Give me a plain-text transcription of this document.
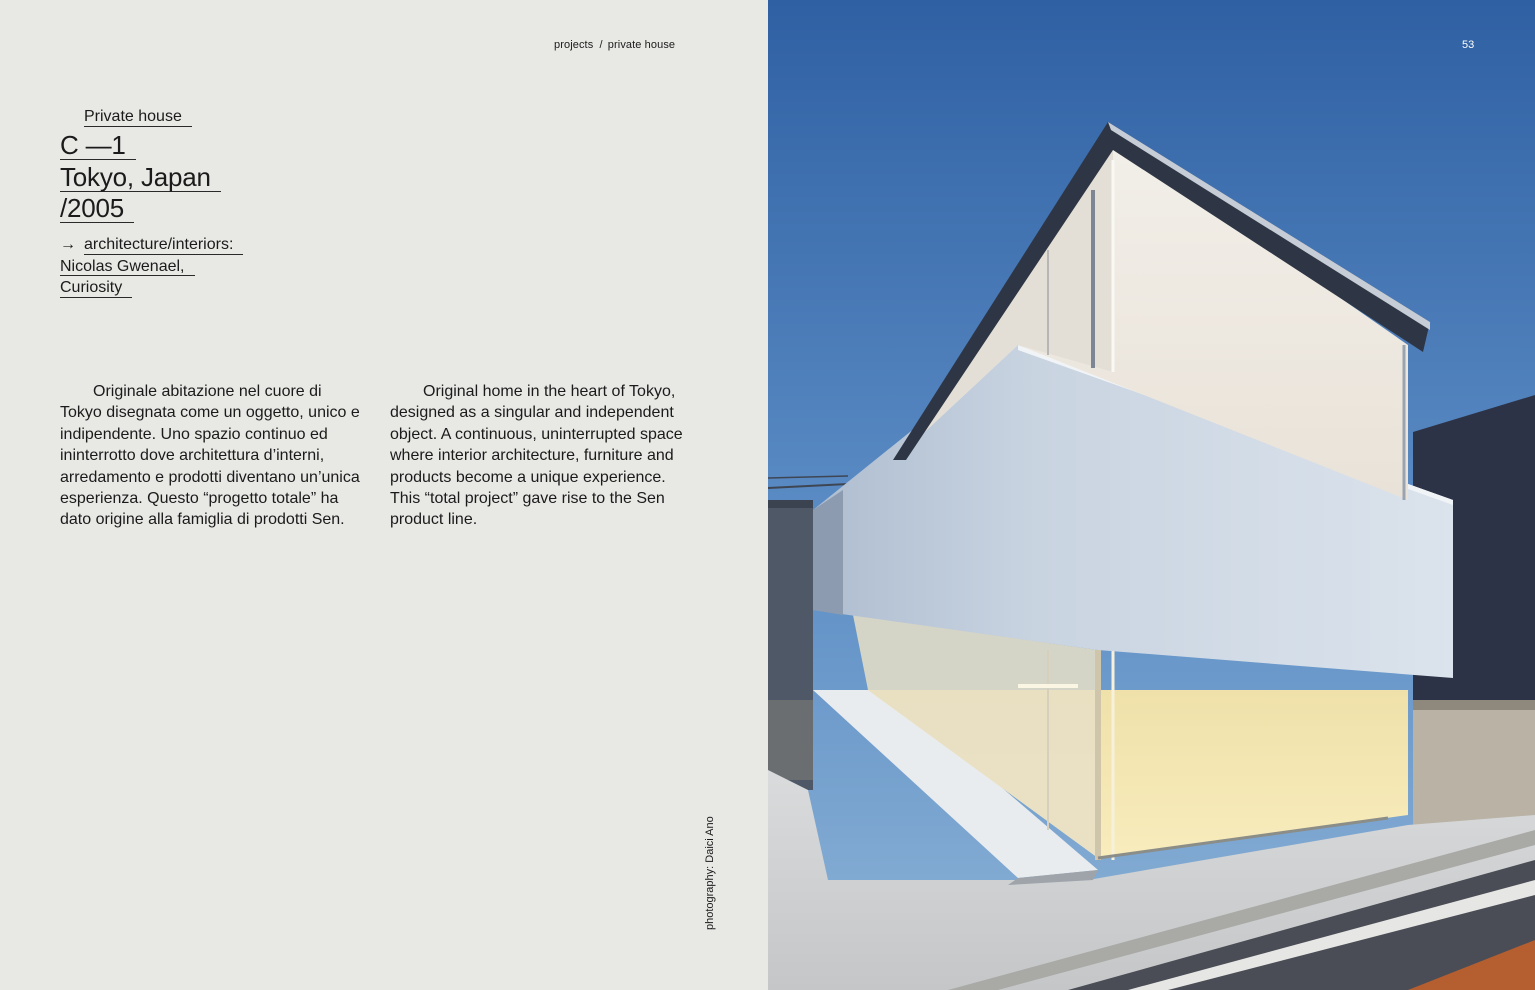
projects / private house
Private house
C —1
Tokyo, Japan
/2005
→ architecture/interiors:
Nicolas Gwenael,
Curiosity

Originale abitazione nel cuore di Tokyo disegnata come un oggetto, unico e indipendente. Uno spazio continuo ed ininterrotto dove architettura d’interni, arredamento e prodotti diventano un’unica esperienza. Questo “progetto totale” ha dato origine alla famiglia di prodotti Sen.

Original home in the heart of Tokyo, designed as a singular and independent object. A continuous, uninterrupted space where interior architecture, furniture and products become a unique experience. This “total project” gave rise to the Sen product line.

photography: Daici Ano
53
